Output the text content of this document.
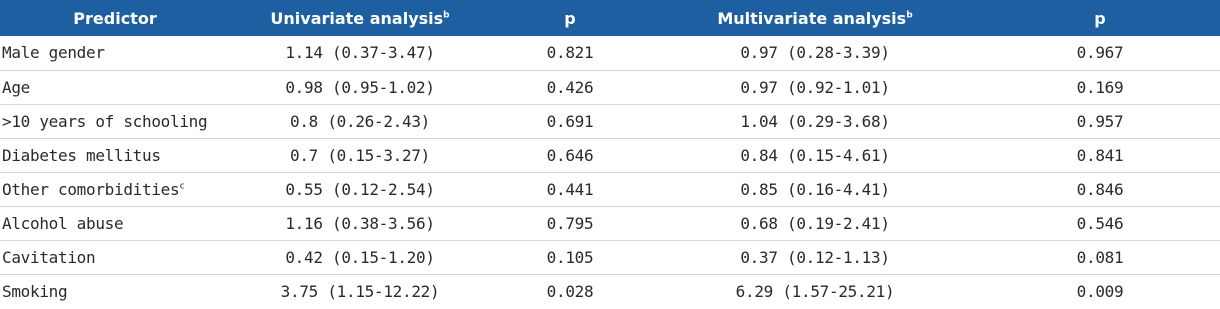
Predictor	Univariate analysis$^b$	p	Multivariate analysis$^b$	p
Male gender	1.14 (0.37-3.47)	0.821	0.97 (0.28-3.39)	0.967
Age	0.98 (0.95-1.02)	0.426	0.97 (0.92-1.01)	0.169
>10 years of schooling	0.8 (0.26-2.43)	0.691	1.04 (0.29-3.68)	0.957
Diabetes mellitus	0.7 (0.15-3.27)	0.646	0.84 (0.15-4.61)	0.841
Other comorbidities$^c$	0.55 (0.12-2.54)	0.441	0.85 (0.16-4.41)	0.846
Alcohol abuse	1.16 (0.38-3.56)	0.795	0.68 (0.19-2.41)	0.546
Cavitation	0.42 (0.15-1.20)	0.105	0.37 (0.12-1.13)	0.081
Smoking	3.75 (1.15-12.22)	0.028	6.29 (1.57-25.21)	0.009
